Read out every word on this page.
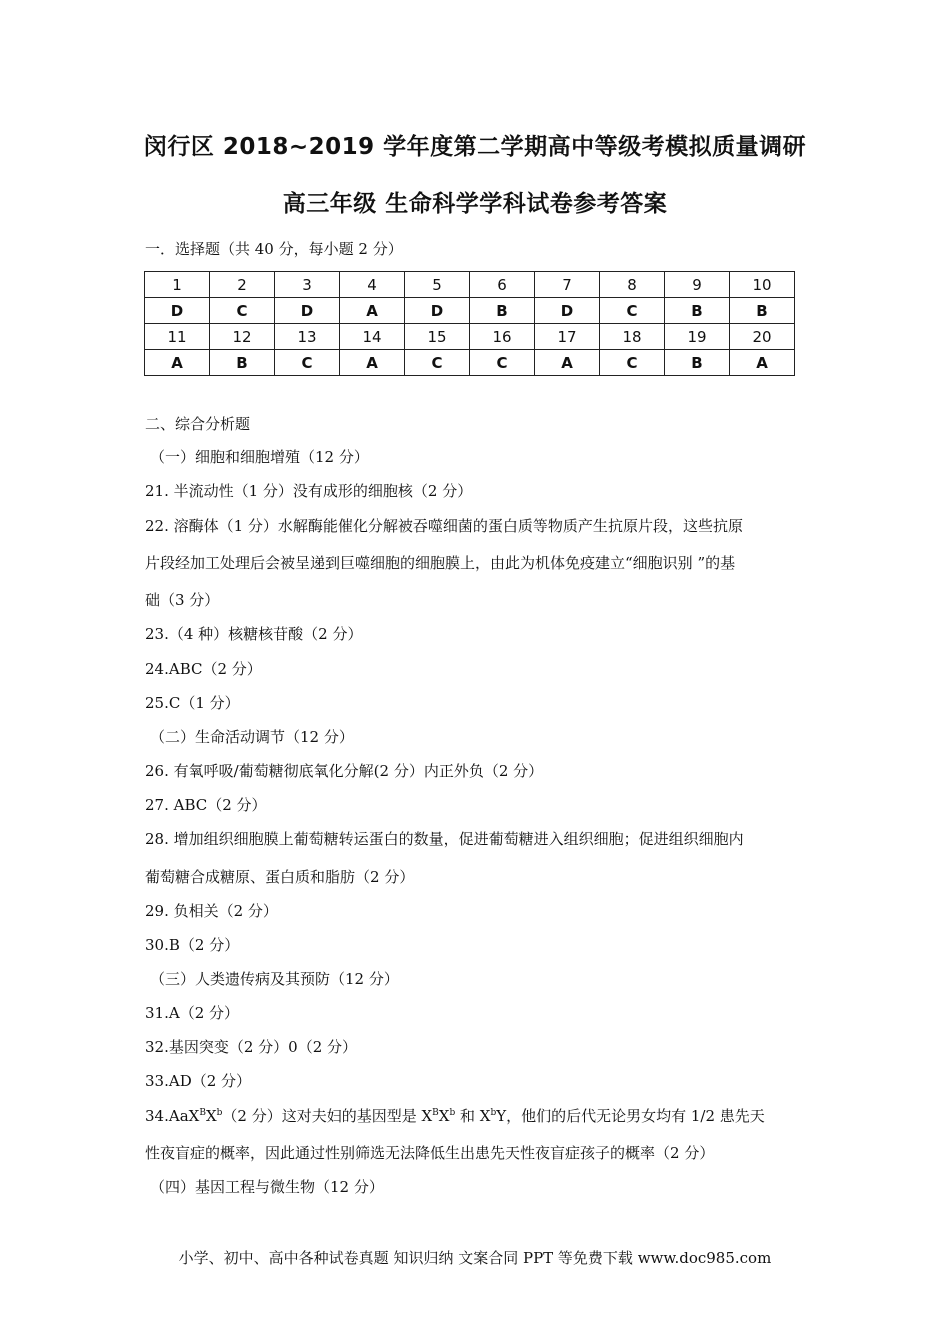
闵行区 2018~2019 学年度第二学期高中等级考模拟质量调研
高三年级 生命科学学科试卷参考答案
一．选择题（共 40 分，每小题 2 分）
1	2	3	4	5	6	7	8	9	10
D	C	D	A	D	B	D	C	B	B
11	12	13	14	15	16	17	18	19	20
A	B	C	A	C	C	A	C	B	A
二、综合分析题
（一）细胞和细胞增殖（12 分）
21. 半流动性（1 分）没有成形的细胞核（2 分）
22. 溶酶体（1 分）水解酶能催化分解被吞噬细菌的蛋白质等物质产生抗原片段，这些抗原
片段经加工处理后会被呈递到巨噬细胞的细胞膜上，由此为机体免疫建立“细胞识别 ”的基
础（3 分）
23.（4 种）核糖核苷酸（2 分）
24.ABC（2 分）
25.C（1 分）
（二）生命活动调节（12 分）
26. 有氧呼吸/葡萄糖彻底氧化分解(2 分）内正外负（2 分）
27. ABC（2 分）
28. 增加组织细胞膜上葡萄糖转运蛋白的数量，促进葡萄糖进入组织细胞；促进组织细胞内
葡萄糖合成糖原、蛋白质和脂肪（2 分）
29. 负相关（2 分）
30.B（2 分）
（三）人类遗传病及其预防（12 分）
31.A（2 分）
32.基因突变（2 分）0（2 分）
33.AD（2 分）
$34.AaX^BX^b(2$ 分）这对夫妇的基因型是 $X^BX^b$ 和 $X^bY$，他们的后代无论男女均有 1/2 患先天
性夜盲症的概率，因此通过性别筛选无法降低生出患先天性夜盲症孩子的概率（2 分）
（四）基因工程与微生物（12 分）
小学、初中、高中各种试卷真题 知识归纳 文案合同 PPT 等免费下载 www.doc985.com
